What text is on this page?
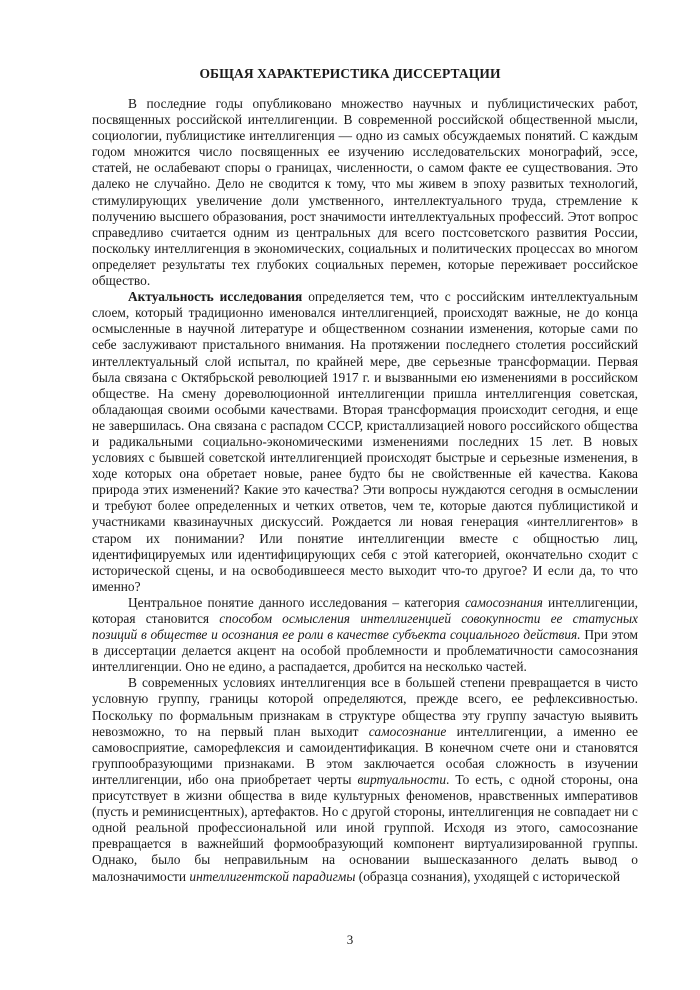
ОБЩАЯ ХАРАКТЕРИСТИКА ДИССЕРТАЦИИ

В последние годы опубликовано множество научных и публицистических работ, посвященных российской интеллигенции. В современной российской общественной мысли, социологии, публицистике интеллигенция — одно из самых обсуждаемых понятий. С каждым годом множится число посвященных ее изучению исследовательских монографий, эссе, статей, не ослабевают споры о границах, численности, о самом факте ее существования. Это далеко не случайно. Дело не сводится к тому, что мы живем в эпоху развитых технологий, стимулирующих увеличение доли умственного, интеллектуального труда, стремление к получению высшего образования, рост значимости интеллектуальных профессий. Этот вопрос справедливо считается одним из центральных для всего постсоветского развития России, поскольку интеллигенция в экономических, социальных и политических процессах во многом определяет результаты тех глубоких социальных перемен, которые переживает российское общество.

Актуальность исследования определяется тем, что с российским интеллектуальным слоем, который традиционно именовался интеллигенцией, происходят важные, не до конца осмысленные в научной литературе и общественном сознании изменения, которые сами по себе заслуживают пристального внимания. На протяжении последнего столетия российский интеллектуальный слой испытал, по крайней мере, две серьезные трансформации. Первая была связана с Октябрьской революцией 1917 г. и вызванными ею изменениями в российском обществе. На смену дореволюционной интеллигенции пришла интеллигенция советская, обладающая своими особыми качествами. Вторая трансформация происходит сегодня, и еще не завершилась. Она связана с распадом СССР, кристаллизацией нового российского общества и радикальными социально-экономическими изменениями последних 15 лет. В новых условиях с бывшей советской интеллигенцией происходят быстрые и серьезные изменения, в ходе которых она обретает новые, ранее будто бы не свойственные ей качества. Какова природа этих изменений? Какие это качества? Эти вопросы нуждаются сегодня в осмыслении и требуют более определенных и четких ответов, чем те, которые даются публицистикой и участниками квазинаучных дискуссий. Рождается ли новая генерация «интеллигентов» в старом их понимании? Или понятие интеллигенции вместе с общностью лиц, идентифицируемых или идентифицирующих себя с этой категорией, окончательно сходит с исторической сцены, и на освободившееся место выходит что-то другое? И если да, то что именно?

Центральное понятие данного исследования – категория самосознания интеллигенции, которая становится способом осмысления интеллигенцией совокупности ее статусных позиций в обществе и осознания ее роли в качестве субъекта социального действия. При этом в диссертации делается акцент на особой проблемности и проблематичности самосознания интеллигенции. Оно не едино, а распадается, дробится на несколько частей.

В современных условиях интеллигенция все в большей степени превращается в чисто условную группу, границы которой определяются, прежде всего, ее рефлексивностью. Поскольку по формальным признакам в структуре общества эту группу зачастую выявить невозможно, то на первый план выходит самосознание интеллигенции, а именно ее самовосприятие, саморефлексия и самоидентификация. В конечном счете они и становятся группообразующими признаками. В этом заключается особая сложность в изучении интеллигенции, ибо она приобретает черты виртуальности. То есть, с одной стороны, она присутствует в жизни общества в виде культурных феноменов, нравственных императивов (пусть и реминисцентных), артефактов. Но с другой стороны, интеллигенция не совпадает ни с одной реальной профессиональной или иной группой. Исходя из этого, самосознание превращается в важнейший формообразующий компонент виртуализированной группы. Однако, было бы неправильным на основании вышесказанного делать вывод о малозначимости интеллигентской парадигмы (образца сознания), уходящей с исторической

3
